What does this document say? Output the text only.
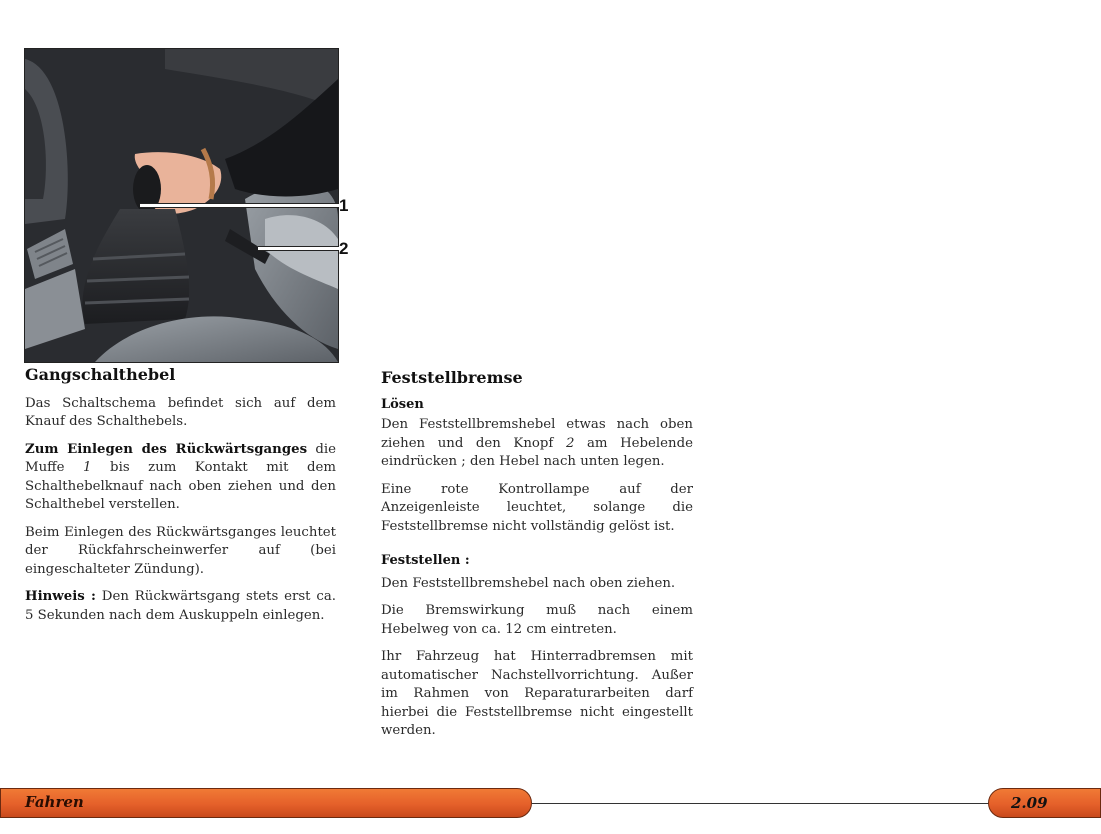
1
2
Gangschalthebel

Das Schaltschema befindet sich auf dem Knauf des Schalthebels.

Zum Einlegen des Rückwärtsganges die Muffe 1 bis zum Kontakt mit dem Schalthebelknauf nach oben ziehen und den Schalthebel verstellen.

Beim Einlegen des Rückwärtsganges leuchtet der Rückfahrscheinwerfer auf (bei eingeschalteter Zündung).

Hinweis : Den Rückwärtsgang stets erst ca. 5 Sekunden nach dem Auskuppeln einlegen.

Feststellbremse
Lösen

Den Feststellbremshebel etwas nach oben ziehen und den Knopf 2 am Hebelende eindrücken ; den Hebel nach unten legen.

Eine rote Kontrollampe auf der Anzeigenleiste leuchtet, solange die Feststellbremse nicht vollständig gelöst ist.

Feststellen :

Den Feststellbremshebel nach oben ziehen.

Die Bremswirkung muß nach einem Hebelweg von ca. 12 cm eintreten.

Ihr Fahrzeug hat Hinterradbremsen mit automatischer Nachstellvorrichtung. Außer im Rahmen von Reparaturarbeiten darf hierbei die Feststellbremse nicht eingestellt werden.

Fahren	2.09
